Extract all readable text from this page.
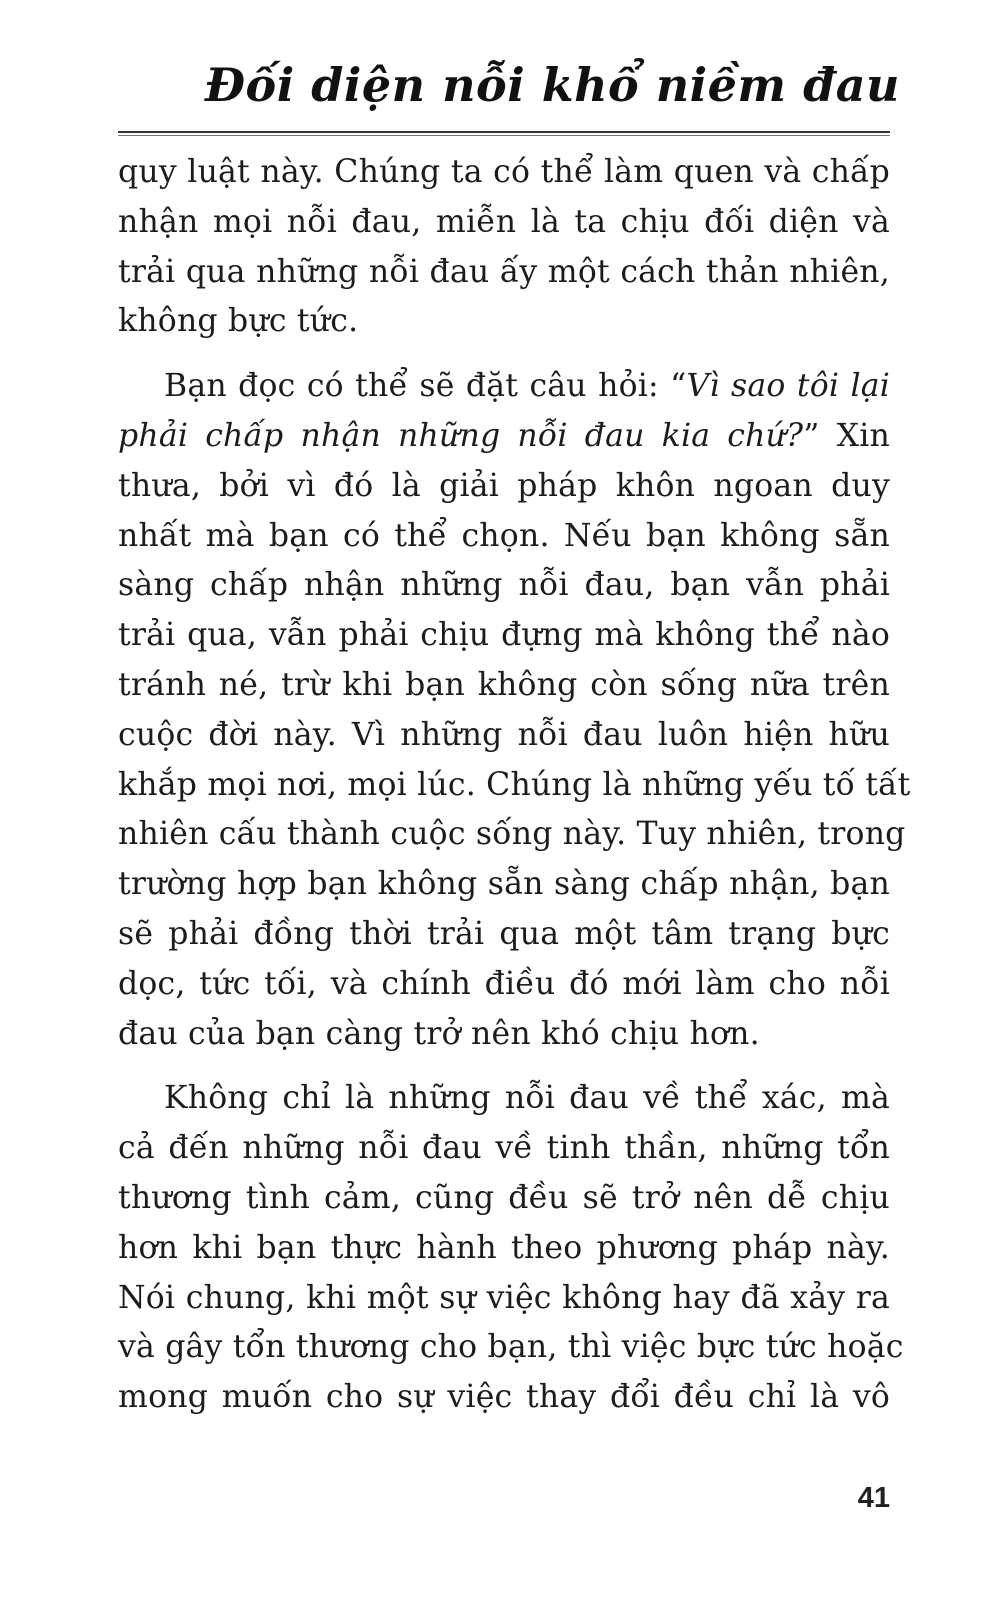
Đối diện nỗi khổ niềm đau
quy luật này. Chúng ta có thể làm quen và chấp
nhận mọi nỗi đau, miễn là ta chịu đối diện và
trải qua những nỗi đau ấy một cách thản nhiên,
không bực tức.
Bạn đọc có thể sẽ đặt câu hỏi: “Vì sao tôi lại
phải chấp nhận những nỗi đau kia chứ?” Xin
thưa, bởi vì đó là giải pháp khôn ngoan duy
nhất mà bạn có thể chọn. Nếu bạn không sẵn
sàng chấp nhận những nỗi đau, bạn vẫn phải
trải qua, vẫn phải chịu đựng mà không thể nào
tránh né, trừ khi bạn không còn sống nữa trên
cuộc đời này. Vì những nỗi đau luôn hiện hữu
khắp mọi nơi, mọi lúc. Chúng là những yếu tố tất
nhiên cấu thành cuộc sống này. Tuy nhiên, trong
trường hợp bạn không sẵn sàng chấp nhận, bạn
sẽ phải đồng thời trải qua một tâm trạng bực
dọc, tức tối, và chính điều đó mới làm cho nỗi
đau của bạn càng trở nên khó chịu hơn.
Không chỉ là những nỗi đau về thể xác, mà
cả đến những nỗi đau về tinh thần, những tổn
thương tình cảm, cũng đều sẽ trở nên dễ chịu
hơn khi bạn thực hành theo phương pháp này.
Nói chung, khi một sự việc không hay đã xảy ra
và gây tổn thương cho bạn, thì việc bực tức hoặc
mong muốn cho sự việc thay đổi đều chỉ là vô
41
